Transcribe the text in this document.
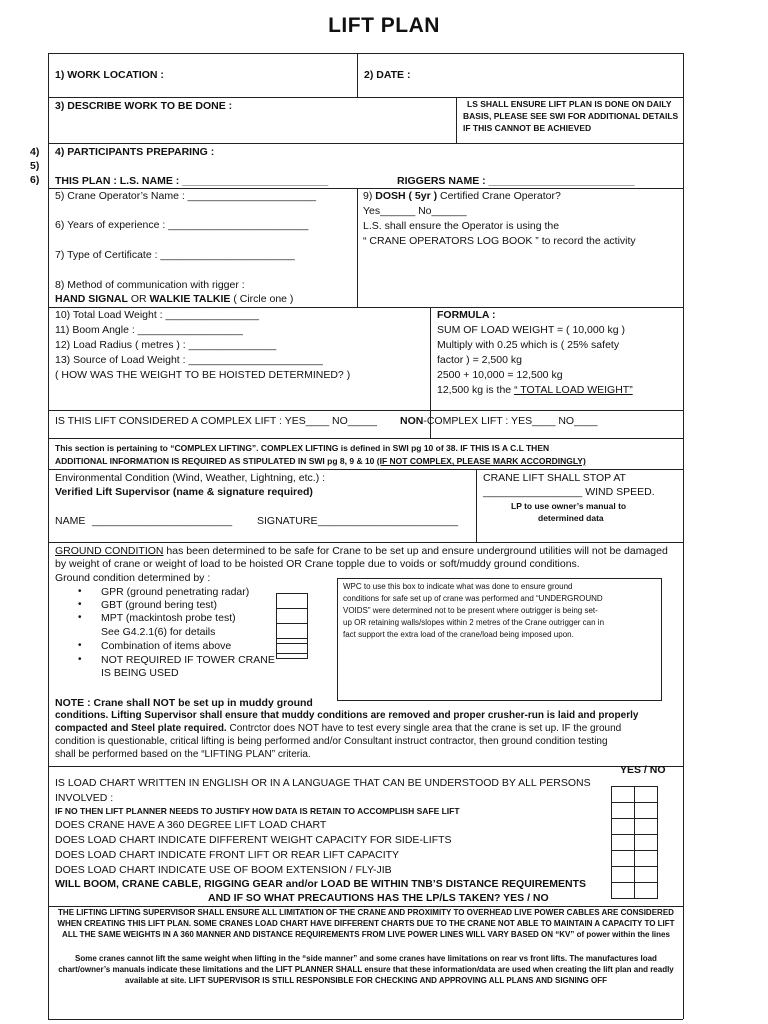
LIFT PLAN
1) WORK LOCATION :	2) DATE :
3) DESCRIBE WORK TO BE DONE :	LS SHALL ENSURE LIFT PLAN IS DONE ON DAILY
BASIS, PLEASE SEE SWI FOR ADDITIONAL DETAILS
IF THIS CANNOT BE ACHIEVED
4)
5)
6)
4) PARTICIPANTS PREPARING :
THIS PLAN : L.S. NAME : _________________________	RIGGERS NAME : _________________________
5) Crane Operator’s Name : ______________________
6) Years of experience : ________________________
7) Type of Certificate : _______________________
8) Method of communication with rigger :
HAND SIGNAL OR WALKIE TALKIE ( Circle one )
9) DOSH ( 5yr ) Certified Crane Operator?
Yes______ No______
L.S. shall ensure the Operator is using the
“ CRANE OPERATORS LOG BOOK ” to record the activity
10) Total Load Weight : ________________
11) Boom Angle : __________________
12) Load Radius ( metres ) : _______________
13) Source of Load Weight : _______________________
( HOW WAS THE WEIGHT TO BE HOISTED DETERMINED? )
FORMULA :
SUM OF LOAD WEIGHT = ( 10,000 kg )
Multiply with 0.25 which is ( 25% safety
factor ) = 2,500 kg
2500 + 10,000 = 12,500 kg
12,500 kg is the “ TOTAL LOAD WEIGHT”
IS THIS LIFT CONSIDERED A COMPLEX LIFT : YES____ NO_____ NON-COMPLEX LIFT : YES____ NO____
This section is pertaining to “COMPLEX LIFTING”. COMPLEX LIFTING is defined in SWI pg 10 of 38. IF THIS IS A C.L THEN
ADDITIONAL INFORMATION IS REQUIRED AS STIPULATED IN SWI pg 8, 9 & 10 (IF NOT COMPLEX, PLEASE MARK ACCORDINGLY)
Environmental Condition (Wind, Weather, Lightning, etc.) :
Verified Lift Supervisor (name & signature required)
NAME ________________________ SIGNATURE ________________________
CRANE LIFT SHALL STOP AT
_________________ WIND SPEED.
LP to use owner’s manual to
determined data
GROUND CONDITION has been determined to be safe for Crane to be set up and ensure underground utilities will not be damaged
by weight of crane or weight of load to be hoisted OR Crane topple due to voids or soft/muddy ground conditions.
Ground condition determined by :
• GPR (ground penetrating radar)
• GBT (ground bering test)
• MPT (mackintosh probe test)
See G4.2.1(6) for details
• Combination of items above
• NOT REQUIRED IF TOWER CRANE
IS BEING USED
WPC to use this box to indicate what was done to ensure ground
conditions for safe set up of crane was performed and “UNDERGROUND
VOIDS” were determined not to be present where outrigger is being set-
up OR retaining walls/slopes within 2 metres of the Crane outrigger can in
fact support the extra load of the crane/load being imposed upon.
NOTE : Crane shall NOT be set up in muddy ground
conditions. Lifting Supervisor shall ensure that muddy conditions are removed and proper crusher-run is laid and properly
compacted and Steel plate required. Contrctor does NOT have to test every single area that the crane is set up. IF the ground
condition is questionable, critical lifting is being performed and/or Consultant instruct contractor, then ground condition testing
shall be performed based on the “LIFTING PLAN” criteria.
YES / NO
IS LOAD CHART WRITTEN IN ENGLISH OR IN A LANGUAGE THAT CAN BE UNDERSTOOD BY ALL PERSONS
INVOLVED :
IF NO THEN LIFT PLANNER NEEDS TO JUSTIFY HOW DATA IS RETAIN TO ACCOMPLISH SAFE LIFT
DOES CRANE HAVE A 360 DEGREE LIFT LOAD CHART
DOES LOAD CHART INDICATE DIFFERENT WEIGHT CAPACITY FOR SIDE-LIFTS
DOES LOAD CHART INDICATE FRONT LIFT OR REAR LIFT CAPACITY
DOES LOAD CHART INDICATE USE OF BOOM EXTENSION / FLY-JIB
WILL BOOM, CRANE CABLE, RIGGING GEAR and/or LOAD BE WITHIN TNB’S DISTANCE REQUIREMENTS
AND IF SO WHAT PRECAUTIONS HAS THE LP/LS TAKEN? YES / NO
THE LIFTING LIFTING SUPERVISOR SHALL ENSURE ALL LIMITATION OF THE CRANE AND PROXIMITY TO OVERHEAD LIVE POWER CABLES ARE CONSIDERED WHEN CREATING THIS LIFT PLAN. SOME CRANES LOAD CHART HAVE DIFFERENT CHARTS DUE TO THE CRANE NOT ABLE TO MAINTAIN A CAPACITY TO LIFT ALL THE SAME WEIGHTS IN A 360 MANNER AND DISTANCE REQUIREMENTS FROM LIVE POWER LINES WILL VARY BASED ON “KV” of power within the lines
Some cranes cannot lift the same weight when lifting in the “side manner” and some cranes have limitations on rear vs front lifts. The manufactures load chart/owner’s manuals indicate these limitations and the LIFT PLANNER SHALL ensure that these information/data are used when creating the lift plan and readly available at site. LIFT SUPERVISOR IS STILL RESPONSIBLE FOR CHECKING AND APPROVING ALL PLANS AND SIGNING OFF
